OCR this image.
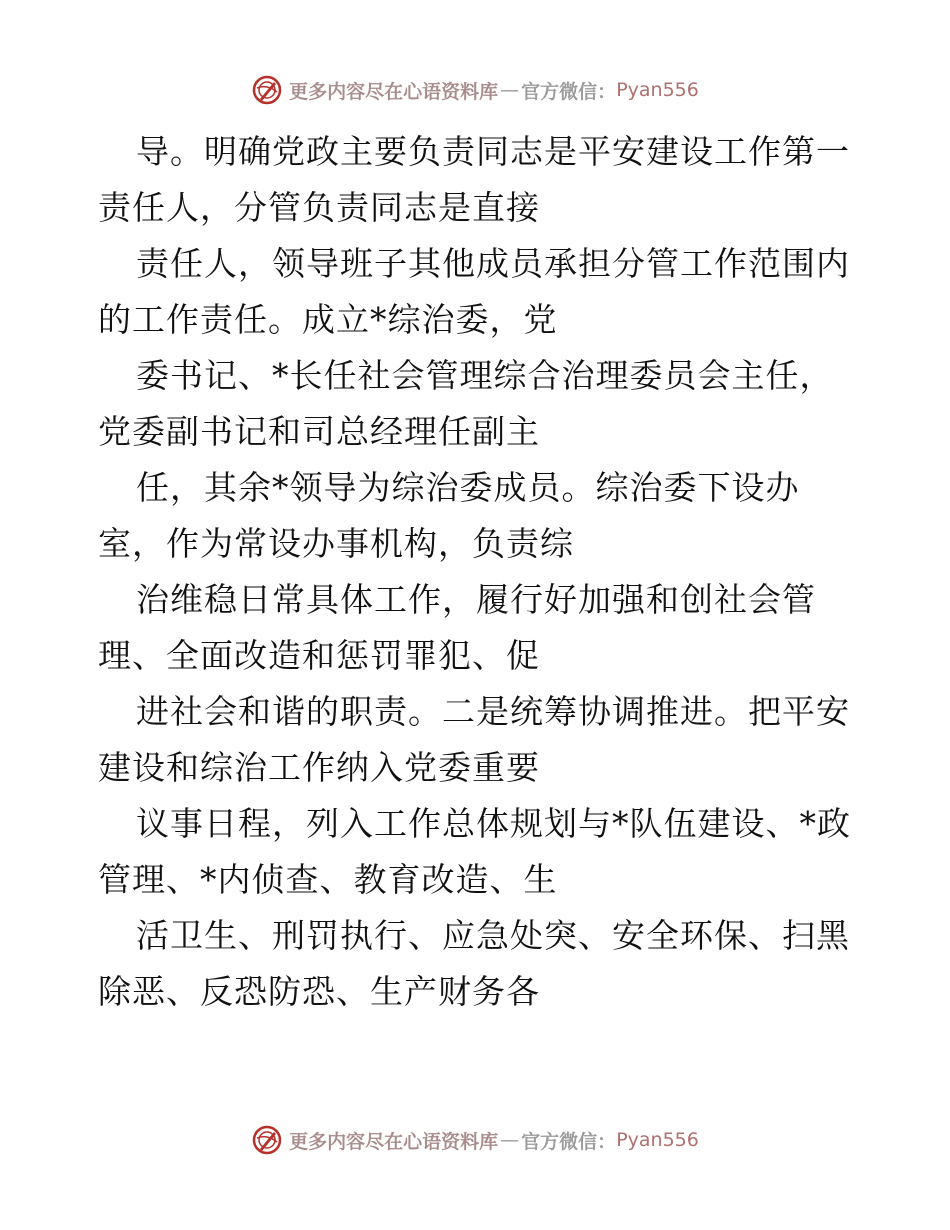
更多内容尽在心语资料库 — 官方微信： Pyan556
导。明确党政主要负责同志是平安建设工作第一
责任人，分管负责同志是直接
责任人，领导班子其他成员承担分管工作范围内
的工作责任。成立*综治委，党
委书记、*长任社会管理综合治理委员会主任，
党委副书记和司总经理任副主
任，其余*领导为综治委成员。综治委下设办
室，作为常设办事机构，负责综
治维稳日常具体工作，履行好加强和创社会管
理、全面改造和惩罚罪犯、促
进社会和谐的职责。二是统筹协调推进。把平安
建设和综治工作纳入党委重要
议事日程，列入工作总体规划与*队伍建设、*政
管理、*内侦查、教育改造、生
活卫生、刑罚执行、应急处突、安全环保、扫黑
除恶、反恐防恐、生产财务各
更多内容尽在心语资料库 — 官方微信： Pyan556
